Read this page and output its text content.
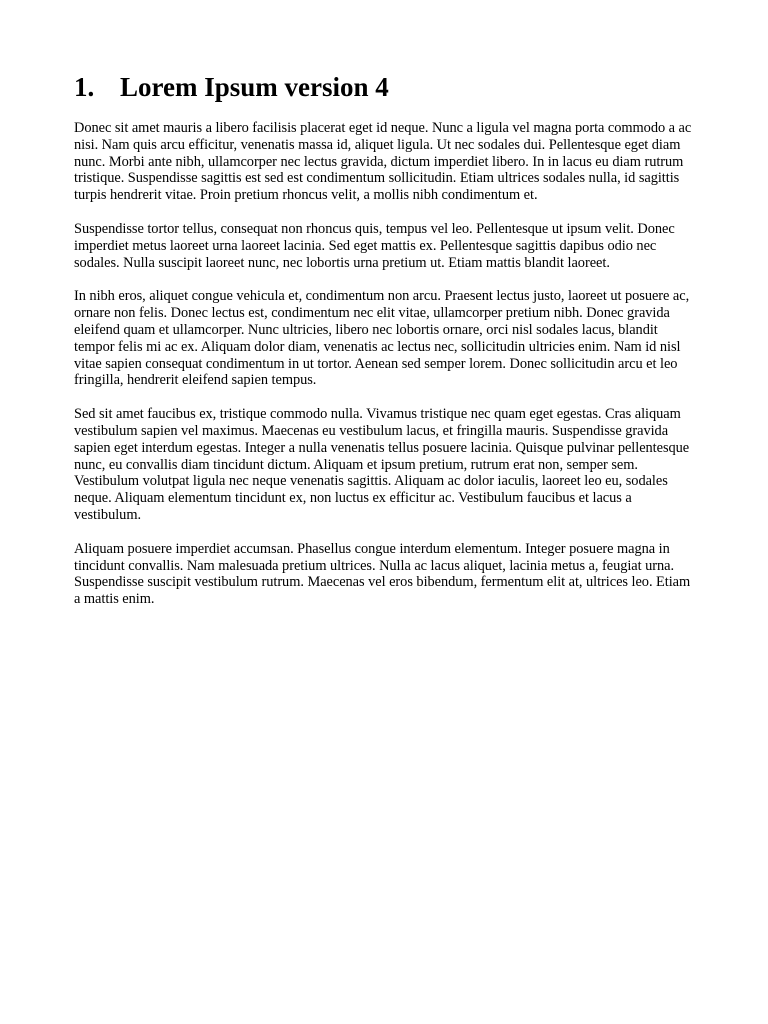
1. Lorem Ipsum version 4

Donec sit amet mauris a libero facilisis placerat eget id neque. Nunc a ligula vel magna porta commodo a ac nisi. Nam quis arcu efficitur, venenatis massa id, aliquet ligula. Ut nec sodales dui. Pellentesque eget diam nunc. Morbi ante nibh, ullamcorper nec lectus gravida, dictum imperdiet libero. In in lacus eu diam rutrum tristique. Suspendisse sagittis est sed est condimentum sollicitudin. Etiam ultrices sodales nulla, id sagittis turpis hendrerit vitae. Proin pretium rhoncus velit, a mollis nibh condimentum et.

Suspendisse tortor tellus, consequat non rhoncus quis, tempus vel leo. Pellentesque ut ipsum velit. Donec imperdiet metus laoreet urna laoreet lacinia. Sed eget mattis ex. Pellentesque sagittis dapibus odio nec sodales. Nulla suscipit laoreet nunc, nec lobortis urna pretium ut. Etiam mattis blandit laoreet.

In nibh eros, aliquet congue vehicula et, condimentum non arcu. Praesent lectus justo, laoreet ut posuere ac, ornare non felis. Donec lectus est, condimentum nec elit vitae, ullamcorper pretium nibh. Donec gravida eleifend quam et ullamcorper. Nunc ultricies, libero nec lobortis ornare, orci nisl sodales lacus, blandit tempor felis mi ac ex. Aliquam dolor diam, venenatis ac lectus nec, sollicitudin ultricies enim. Nam id nisl vitae sapien consequat condimentum in ut tortor. Aenean sed semper lorem. Donec sollicitudin arcu et leo fringilla, hendrerit eleifend sapien tempus.

Sed sit amet faucibus ex, tristique commodo nulla. Vivamus tristique nec quam eget egestas. Cras aliquam vestibulum sapien vel maximus. Maecenas eu vestibulum lacus, et fringilla mauris. Suspendisse gravida sapien eget interdum egestas. Integer a nulla venenatis tellus posuere lacinia. Quisque pulvinar pellentesque nunc, eu convallis diam tincidunt dictum. Aliquam et ipsum pretium, rutrum erat non, semper sem. Vestibulum volutpat ligula nec neque venenatis sagittis. Aliquam ac dolor iaculis, laoreet leo eu, sodales neque. Aliquam elementum tincidunt ex, non luctus ex efficitur ac. Vestibulum faucibus et lacus a vestibulum.

Aliquam posuere imperdiet accumsan. Phasellus congue interdum elementum. Integer posuere magna in tincidunt convallis. Nam malesuada pretium ultrices. Nulla ac lacus aliquet, lacinia metus a, feugiat urna. Suspendisse suscipit vestibulum rutrum. Maecenas vel eros bibendum, fermentum elit at, ultrices leo. Etiam a mattis enim.
